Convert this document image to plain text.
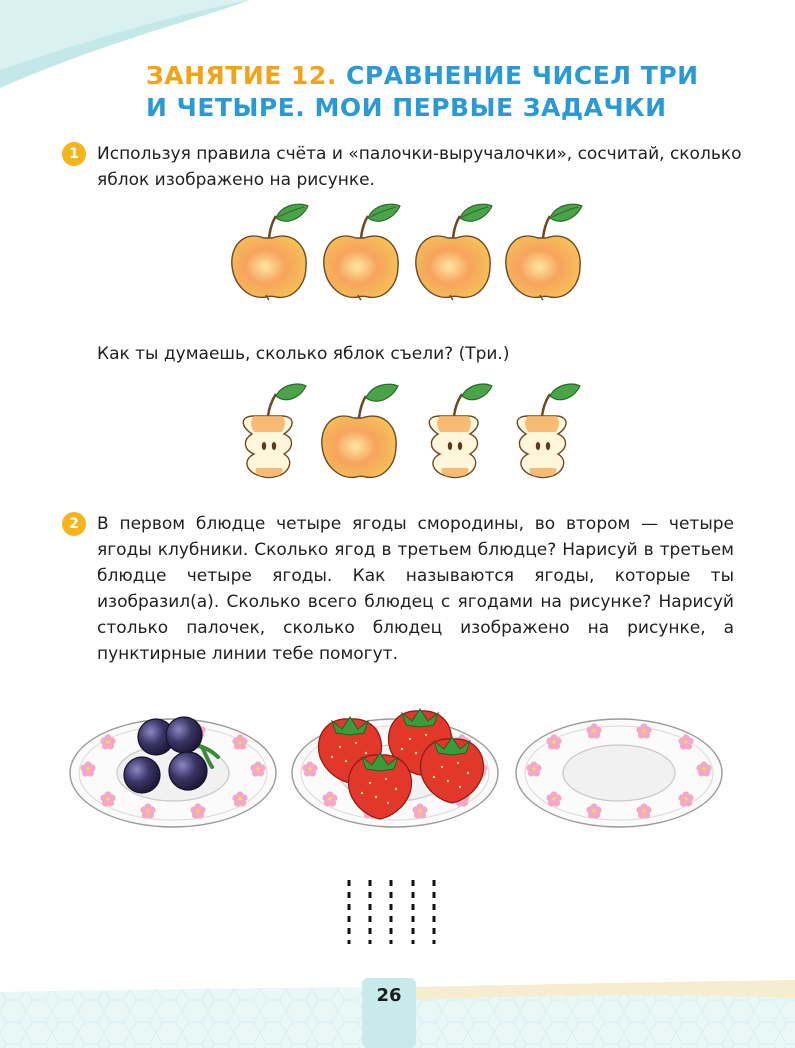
ЗАНЯТИЕ 12. СРАВНЕНИЕ ЧИСЕЛ ТРИ
И ЧЕТЫРЕ. МОИ ПЕРВЫЕ ЗАДАЧКИ
1	Используя правила счёта и «палочки-выручалочки», сосчитай, сколько яблок изображено на рисунке.

Как ты думаешь, сколько яблок съели? (Три.)

2	В первом блюдце четыре ягоды смородины, во втором — четыре ягоды клубники. Сколько ягод в третьем блюдце? Нарисуй в третьем блюдце четыре ягоды. Как называются ягоды, которые ты изобразил(а). Сколько всего блюдец с ягодами на рисунке? Нарисуй столько палочек, сколько блюдец изображено на рисунке, а пунктирные линии тебе помогут.

26
